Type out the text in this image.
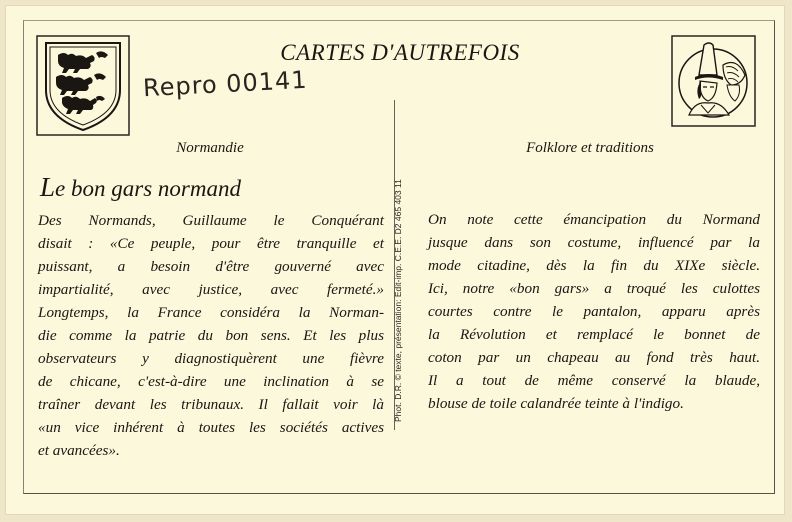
CARTES D'AUTREFOIS
Repro 00141
Normandie	Folklore et traditions
Phot. D.R. © texte, présentation: Edit-imp. C.E.E. D2 465 403 11
Le bon gars normand
Des Normands, Guillaume le Conquérant
disait : «Ce peuple, pour être tranquille et
puissant, a besoin d'être gouverné avec
impartialité, avec justice, avec fermeté.»
Longtemps, la France considéra la Norman-
die comme la patrie du bon sens. Et les plus
observateurs y diagnostiquèrent une fièvre
de chicane, c'est-à-dire une inclination à se
traîner devant les tribunaux. Il fallait voir là
«un vice inhérent à toutes les sociétés actives
et avancées».
On note cette émancipation du Normand
jusque dans son costume, influencé par la
mode citadine, dès la fin du XIXe siècle.
Ici, notre «bon gars» a troqué les culottes
courtes contre le pantalon, apparu après
la Révolution et remplacé le bonnet de
coton par un chapeau au fond très haut.
Il a tout de même conservé la blaude,
blouse de toile calandrée teinte à l'indigo.
